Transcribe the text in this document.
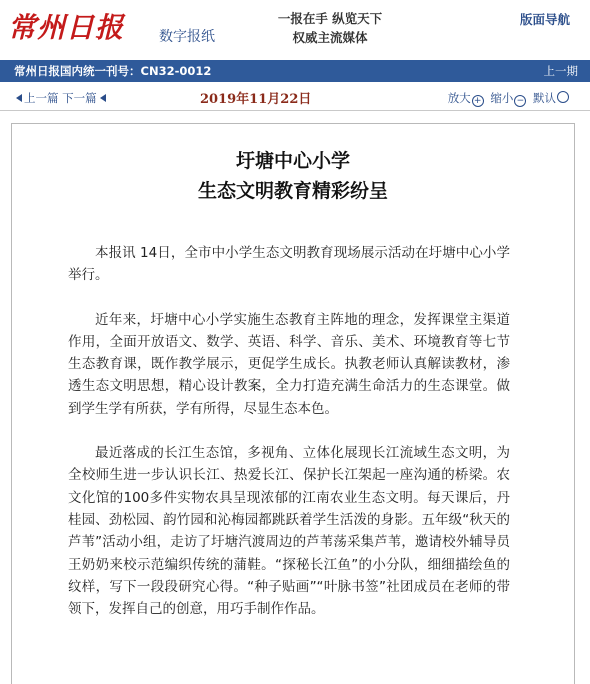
常州日报 数字报纸
一报在手 纵览天下
权威主流媒体
版面导航
常州日报国内统一刊号：CN32-0012	上一期
上一篇 下一篇	2019年11月22日	放大 + 缩小 − 默认
圩塘中心小学
生态文明教育精彩纷呈

本报讯 14日，全市中小学生态文明教育现场展示活动在圩塘中心小学举行。

近年来，圩塘中心小学实施生态教育主阵地的理念，发挥课堂主渠道作用，全面开放语文、数学、英语、科学、音乐、美术、环境教育等七节生态教育课，既作教学展示，更促学生成长。执教老师认真解读教材，渗透生态文明思想，精心设计教案，全力打造充满生命活力的生态课堂。做到学生学有所获，学有所得，尽显生态本色。

最近落成的长江生态馆，多视角、立体化展现长江流域生态文明，为全校师生进一步认识长江、热爱长江、保护长江架起一座沟通的桥梁。农文化馆的100多件实物农具呈现浓郁的江南农业生态文明。每天课后，丹桂园、劲松园、韵竹园和沁梅园都跳跃着学生活泼的身影。五年级“秋天的芦苇”活动小组，走访了圩塘汽渡周边的芦苇荡采集芦苇，邀请校外辅导员王奶奶来校示范编织传统的蒲鞋。“探秘长江鱼”的小分队，细细描绘鱼的纹样，写下一段段研究心得。“种子贴画”“叶脉书签”社团成员在老师的带领下，发挥自己的创意，用巧手制作作品。
